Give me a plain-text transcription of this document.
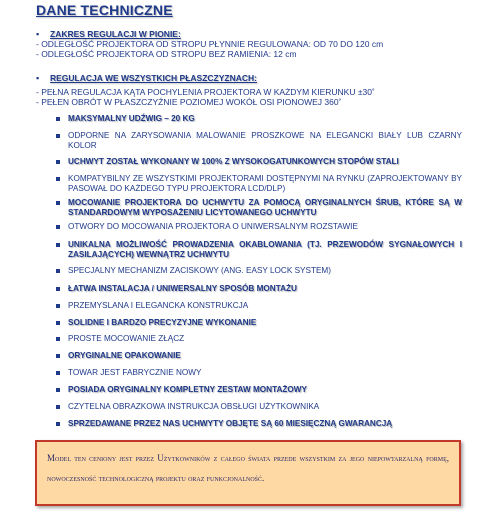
DANE TECHNICZNE
▪	ZAKRES REGULACJI W PIONIE:
- ODLEGŁOŚĆ PROJEKTORA OD STROPU PŁYNNIE REGULOWANA: OD 70 DO 120 cm
- ODLEGŁOŚĆ PROJEKTORA OD STROPU BEZ RAMIENIA: 12 cm
▪	REGULACJA WE WSZYSTKICH PŁASZCZYZNACH:
- PEŁNA REGULACJA KĄTA POCHYLENIA PROJEKTORA W KAŻDYM KIERUNKU ±30˚
- PEŁEN OBRÓT W PŁASZCZYŹNIE POZIOMEJ WOKÓŁ OSI PIONOWEJ 360˚
MAKSYMALNY UDŹWIG – 20 KG
ODPORNE NA ZARYSOWANIA MALOWANIE PROSZKOWE NA ELEGANCKI BIAŁY LUB CZARNY KOLOR
UCHWYT ZOSTAŁ WYKONANY W 100% Z WYSOKOGATUNKOWYCH STOPÓW STALI
KOMPATYBILNY ZE WSZYSTKIMI PROJEKTORAMI DOSTĘPNYMI NA RYNKU (ZAPROJEKTOWANY BY PASOWAŁ DO KAŻDEGO TYPU PROJEKTORA LCD/DLP)
MOCOWANIE PROJEKTORA DO UCHWYTU ZA POMOCĄ ORYGINALNYCH ŚRUB, KTÓRE SĄ W STANDARDOWYM WYPOSAŻENIU LICYTOWANEGO UCHWYTU
OTWORY DO MOCOWANIA PROJEKTORA O UNIWERSALNYM ROZSTAWIE
UNIKALNA MOŻLIWOŚĆ PROWADZENIA OKABLOWANIA (TJ. PRZEWODÓW SYGNAŁOWYCH I ZASILAJĄCYCH) WEWNĄTRZ UCHWYTU
SPECJALNY MECHANIZM ZACISKOWY (ANG. EASY LOCK SYSTEM)
ŁATWA INSTALACJA / UNIWERSALNY SPOSÓB MONTAŻU
PRZEMYSLANA I ELEGANCKA KONSTRUKCJA
SOLIDNE I BARDZO PRECYZYJNE WYKONANIE
PROSTE MOCOWANIE ZŁĄCZ
ORYGINALNE OPAKOWANIE
TOWAR JEST FABRYCZNIE NOWY
POSIADA ORYGINALNY KOMPLETNY ZESTAW MONTAŻOWY
CZYTELNA OBRAZKOWA INSTRUKCJA OBSŁUGI UŻYTKOWNIKA
SPRZEDAWANE PRZEZ NAS UCHWYTY OBJĘTE SĄ 60 MIESIĘCZNĄ GWARANCJĄ
Model ten ceniony jest przez Użytkowników z całego świata przede wszystkim za jego niepowtarzalną formę, nowoczesność technologiczną projektu oraz funkcjonalność.
